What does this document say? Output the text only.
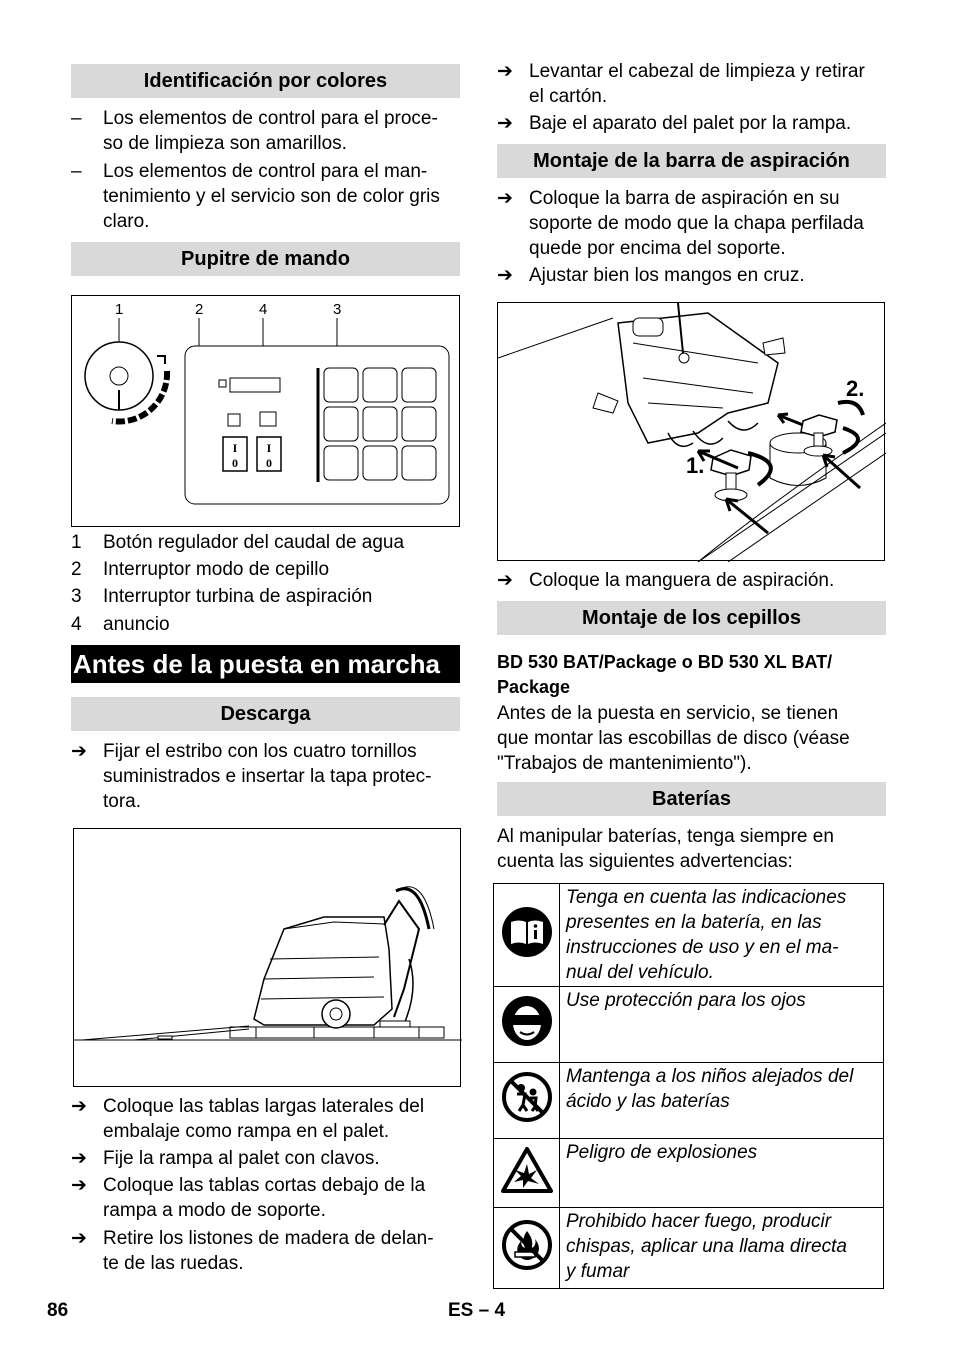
Identificación por colores
– Los elementos de control para el proce-
so de limpieza son amarillos.
– Los elementos de control para el man-
tenimiento y el servicio son de color gris
claro.
Pupitre de mando
1	2	4	3
I
0
I
0
1 Botón regulador del caudal de agua
2 Interruptor modo de cepillo
3 Interruptor turbina de aspiración
4 anuncio
Antes de la puesta en marcha
Descarga
➔ Fijar el estribo con los cuatro tornillos
suministrados e insertar la tapa protec-
tora.
➔ Coloque las tablas largas laterales del
embalaje como rampa en el palet.
➔ Fije la rampa al palet con clavos.
➔ Coloque las tablas cortas debajo de la
rampa a modo de soporte.
➔ Retire los listones de madera de delan-
te de las ruedas.
➔ Levantar el cabezal de limpieza y retirar
el cartón.
➔ Baje el aparato del palet por la rampa.
Montaje de la barra de aspiración
➔ Coloque la barra de aspiración en su
soporte de modo que la chapa perfilada
quede por encima del soporte.
➔ Ajustar bien los mangos en cruz.
1.
2.
➔ Coloque la manguera de aspiración.
Montaje de los cepillos
BD 530 BAT/Package o BD 530 XL BAT/
Package
Antes de la puesta en servicio, se tienen
que montar las escobillas de disco (véase
"Trabajos de mantenimiento").
Baterías
Al manipular baterías, tenga siempre en
cuenta las siguientes advertencias:

Tenga en cuenta las indicaciones
presentes en la batería, en las
instrucciones de uso y en el ma-
nual del vehículo.

Use protección para los ojos

Mantenga a los niños alejados del
ácido y las baterías

Peligro de explosiones

Prohibido hacer fuego, producir
chispas, aplicar una llama directa
y fumar
86	ES – 4
